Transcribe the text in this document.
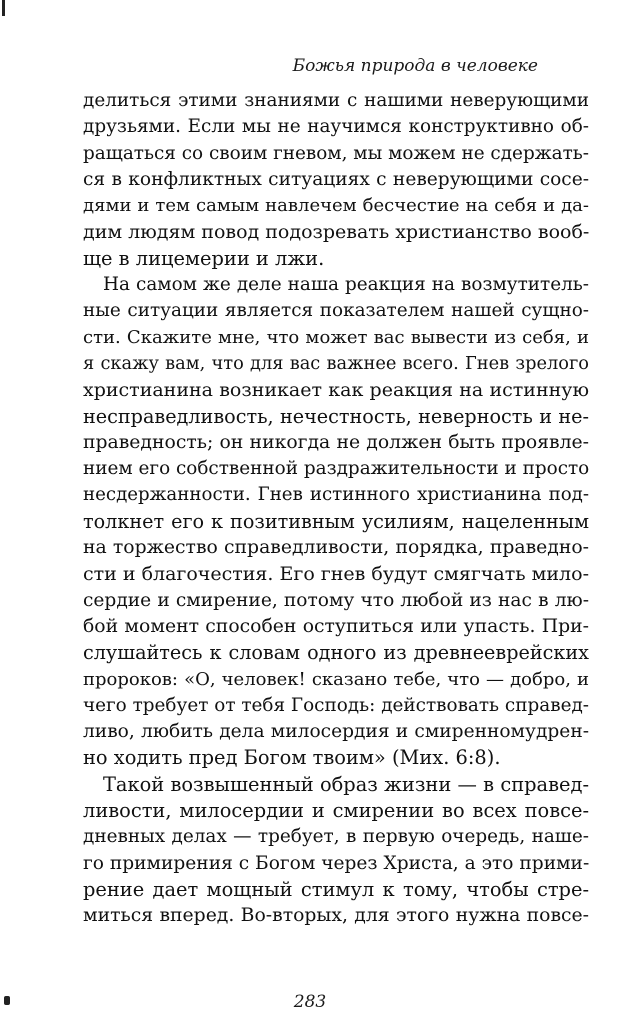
Божья природа в человеке
делиться этими знаниями с нашими неверующими
друзьями. Если мы не научимся конструктивно об-
ращаться со своим гневом, мы можем не сдержать-
ся в конфликтных ситуациях с неверующими сосе-
дями и тем самым навлечем бесчестие на себя и да-
дим людям повод подозревать христианство вооб-
ще в лицемерии и лжи.
На самом же деле наша реакция на возмутитель-
ные ситуации является показателем нашей сущно-
сти. Скажите мне, что может вас вывести из себя, и
я скажу вам, что для вас важнее всего. Гнев зрелого
христианина возникает как реакция на истинную
несправедливость, нечестность, неверность и не-
праведность; он никогда не должен быть проявле-
нием его собственной раздражительности и просто
несдержанности. Гнев истинного христианина под-
толкнет его к позитивным усилиям, нацеленным
на торжество справедливости, порядка, праведно-
сти и благочестия. Его гнев будут смягчать мило-
сердие и смирение, потому что любой из нас в лю-
бой момент способен оступиться или упасть. При-
слушайтесь к словам одного из древнееврейских
пророков: «О, человек! сказано тебе, что — добро, и
чего требует от тебя Господь: действовать справед-
ливо, любить дела милосердия и смиренномудрен-
но ходить пред Богом твоим» (Мих. 6:8).
Такой возвышенный образ жизни — в справед-
ливости, милосердии и смирении во всех повсе-
дневных делах — требует, в первую очередь, наше-
го примирения с Богом через Христа, а это прими-
рение дает мощный стимул к тому, чтобы стре-
миться вперед. Во-вторых, для этого нужна повсе-
283
